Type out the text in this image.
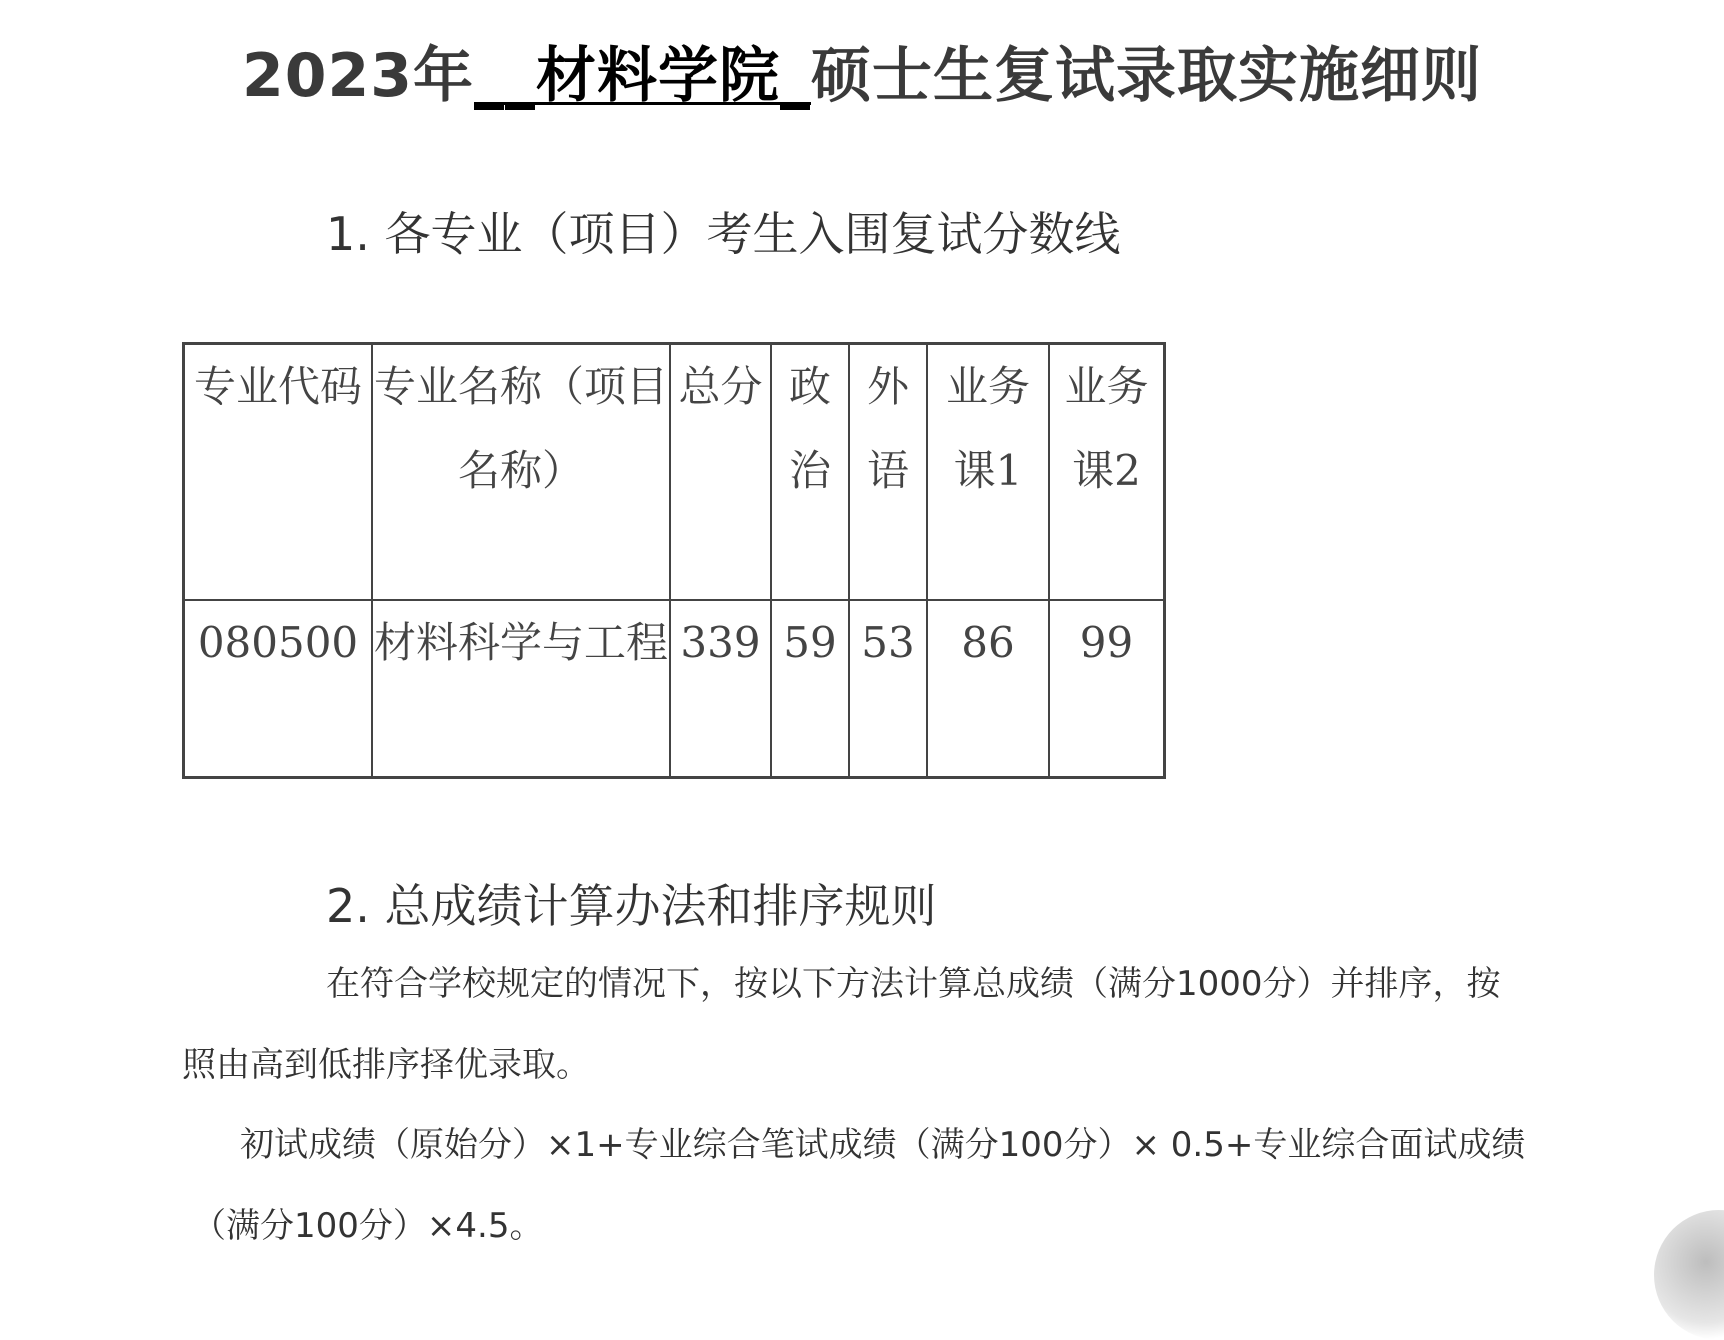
2023年__材料学院_硕士生复试录取实施细则
1. 各专业（项目）考生入围复试分数线
专业代码	专业名称（项目名称）	总分	政治	外语	业务课1	业务课2

080500	材料科学与工程	339	59	53	86	99
2. 总成绩计算办法和排序规则
在符合学校规定的情况下，按以下方法计算总成绩（满分1000分）并排序，按
照由高到低排序择优录取。
初试成绩（原始分）×1+专业综合笔试成绩（满分100分）× 0.5+专业综合面试成绩
（满分100分）×4.5。
